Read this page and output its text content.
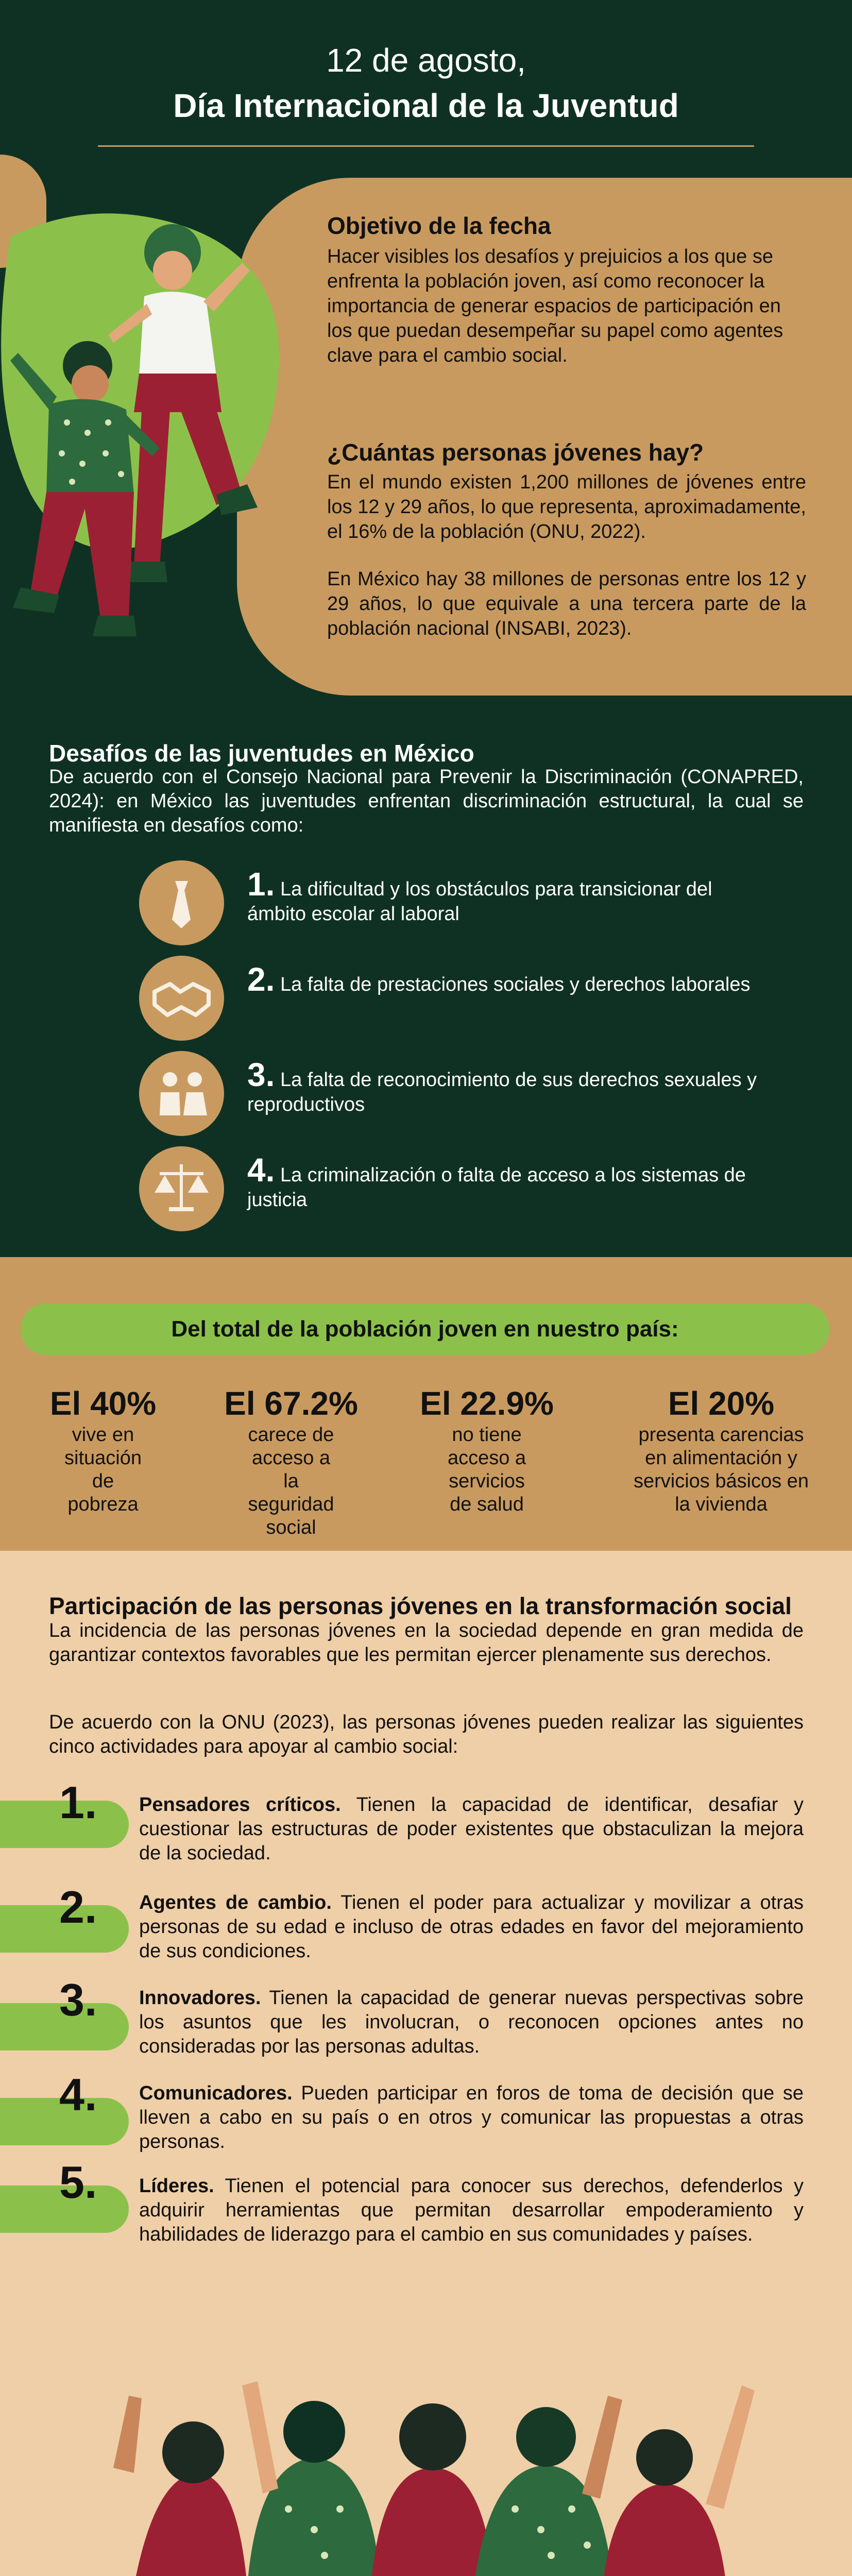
12 de agosto,
Día Internacional de la Juventud
Objetivo de la fecha
Hacer visibles los desafíos y prejuicios a los que se enfrenta la población joven, así como reconocer la importancia de generar espacios de participación en los que puedan desempeñar su papel como agentes clave para el cambio social.
¿Cuántas personas jóvenes hay?
En el mundo existen 1,200 millones de jóvenes entre los 12 y 29 años, lo que representa, aproximadamente, el 16% de la población (ONU, 2022).
En México hay 38 millones de personas entre los 12 y 29 años, lo que equivale a una tercera parte de la población nacional (INSABI, 2023).
Desafíos de las juventudes en México
De acuerdo con el Consejo Nacional para Prevenir la Discriminación (CONAPRED, 2024): en México las juventudes enfrentan discriminación estructural, la cual se manifiesta en desafíos como:
1. La dificultad y los obstáculos para transicionar del ámbito escolar al laboral
2. La falta de prestaciones sociales y derechos laborales
3. La falta de reconocimiento de sus derechos sexuales y reproductivos
4. La criminalización o falta de acceso a los sistemas de justicia
Del total de la población joven en nuestro país:
El 40%
vive en situación de pobreza
El 67.2%
carece de acceso a la seguridad social
El 22.9%
no tiene acceso a servicios de salud
El 20%
presenta carencias en alimentación y servicios básicos en la vivienda
Participación de las personas jóvenes en la transformación social
La incidencia de las personas jóvenes en la sociedad depende en gran medida de garantizar contextos favorables que les permitan ejercer plenamente sus derechos.
De acuerdo con la ONU (2023), las personas jóvenes pueden realizar las siguientes cinco actividades para apoyar al cambio social:
1. Pensadores críticos. Tienen la capacidad de identificar, desafiar y cuestionar las estructuras de poder existentes que obstaculizan la mejora de la sociedad.
2. Agentes de cambio. Tienen el poder para actualizar y movilizar a otras personas de su edad e incluso de otras edades en favor del mejoramiento de sus condiciones.
3. Innovadores. Tienen la capacidad de generar nuevas perspectivas sobre los asuntos que les involucran, o reconocen opciones antes no consideradas por las personas adultas.
4. Comunicadores. Pueden participar en foros de toma de decisión que se lleven a cabo en su país o en otros y comunicar las propuestas a otras personas.
5. Líderes. Tienen el potencial para conocer sus derechos, defenderlos y adquirir herramientas que permitan desarrollar empoderamiento y habilidades de liderazgo para el cambio en sus comunidades y países.
